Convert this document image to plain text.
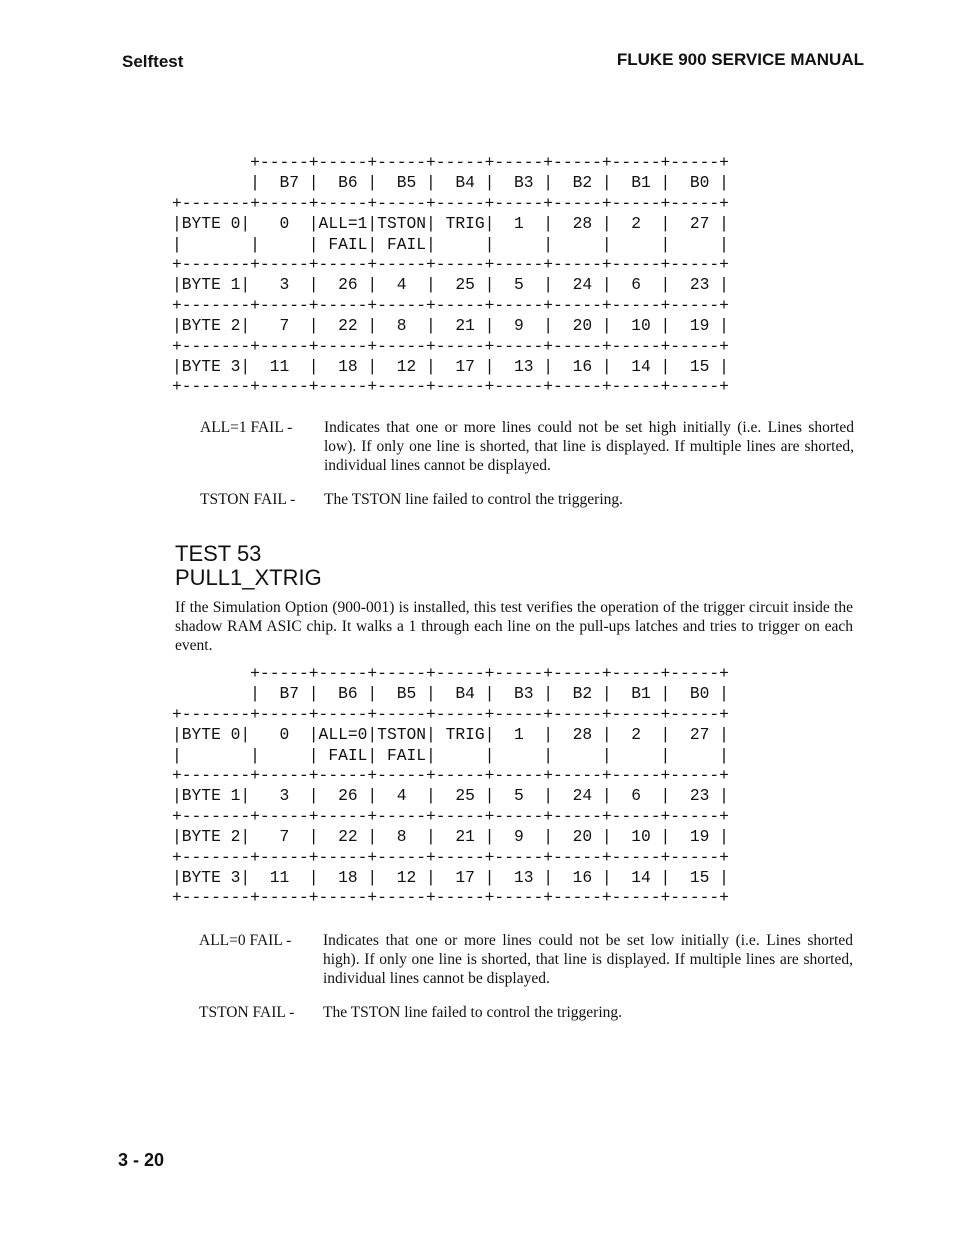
Selftest	FLUKE 900 SERVICE MANUAL
+-----+-----+-----+-----+-----+-----+-----+-----+
|  B7 |  B6 |  B5 |  B4 |  B3 |  B2 |  B1 |  B0 |
+-------+-----+-----+-----+-----+-----+-----+-----+-----+
|BYTE 0|   0  |ALL=1|TSTON| TRIG|  1  |  28 |  2  |  27 |
|       |     | FAIL| FAIL|     |     |     |     |     |
+-------+-----+-----+-----+-----+-----+-----+-----+-----+
|BYTE 1|   3  |  26 |  4  |  25 |  5  |  24 |  6  |  23 |
+-------+-----+-----+-----+-----+-----+-----+-----+-----+
|BYTE 2|   7  |  22 |  8  |  21 |  9  |  20 |  10 |  19 |
+-------+-----+-----+-----+-----+-----+-----+-----+-----+
|BYTE 3|  11  |  18 |  12 |  17 |  13 |  16 |  14 |  15 |
+-------+-----+-----+-----+-----+-----+-----+-----+-----+
ALL=1 FAIL -	Indicates that one or more lines could not be set high initially (i.e. Lines shorted low). If only one line is shorted, that line is displayed. If multiple lines are shorted, individual lines cannot be displayed.
TSTON FAIL -	The TSTON line failed to control the triggering.
TEST 53
PULL1_XTRIG
If the Simulation Option (900-001) is installed, this test verifies the operation of the trigger circuit inside the shadow RAM ASIC chip. It walks a 1 through each line on the pull-ups latches and tries to trigger on each event.
+-----+-----+-----+-----+-----+-----+-----+-----+
|  B7 |  B6 |  B5 |  B4 |  B3 |  B2 |  B1 |  B0 |
+-------+-----+-----+-----+-----+-----+-----+-----+-----+
|BYTE 0|   0  |ALL=0|TSTON| TRIG|  1  |  28 |  2  |  27 |
|       |     | FAIL| FAIL|     |     |     |     |     |
+-------+-----+-----+-----+-----+-----+-----+-----+-----+
|BYTE 1|   3  |  26 |  4  |  25 |  5  |  24 |  6  |  23 |
+-------+-----+-----+-----+-----+-----+-----+-----+-----+
|BYTE 2|   7  |  22 |  8  |  21 |  9  |  20 |  10 |  19 |
+-------+-----+-----+-----+-----+-----+-----+-----+-----+
|BYTE 3|  11  |  18 |  12 |  17 |  13 |  16 |  14 |  15 |
+-------+-----+-----+-----+-----+-----+-----+-----+-----+
ALL=0 FAIL -	Indicates that one or more lines could not be set low initially (i.e. Lines shorted high). If only one line is shorted, that line is displayed. If multiple lines are shorted, individual lines cannot be displayed.
TSTON FAIL -	The TSTON line failed to control the triggering.
3 - 20
